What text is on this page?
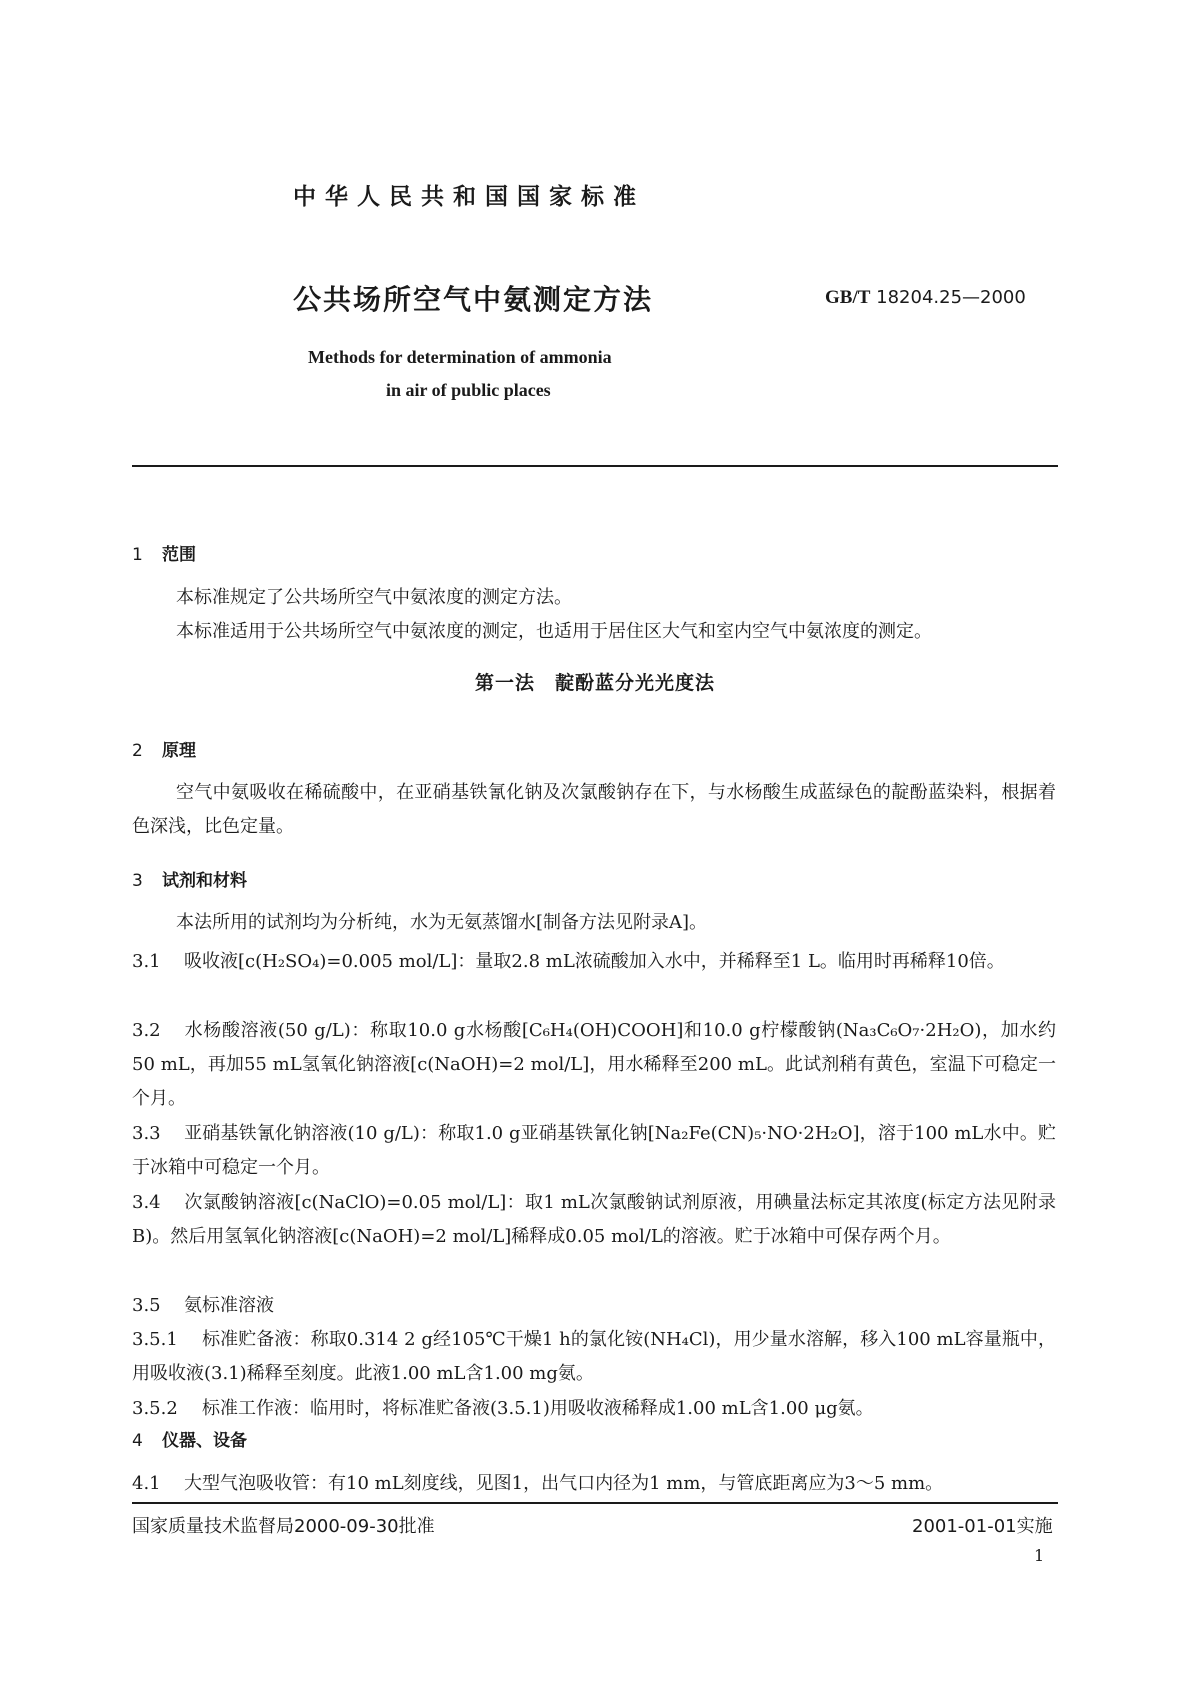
中华人民共和国国家标准
公共场所空气中氨测定方法	GB/T 18204.25—2000
Methods for determination of ammonia
in air of public places
1 范围
本标准规定了公共场所空气中氨浓度的测定方法。
本标准适用于公共场所空气中氨浓度的测定，也适用于居住区大气和室内空气中氨浓度的测定。
第一法　靛酚蓝分光光度法
2 原理
空气中氨吸收在稀硫酸中，在亚硝基铁氰化钠及次氯酸钠存在下，与水杨酸生成蓝绿色的靛酚蓝染料，根据着色深浅，比色定量。
3 试剂和材料
本法所用的试剂均为分析纯，水为无氨蒸馏水[制备方法见附录A]。
3.1 吸收液[c(H₂SO₄)=0.005 mol/L]：量取2.8 mL浓硫酸加入水中，并稀释至1 L。临用时再稀释10倍。
3.2 水杨酸溶液(50 g/L)：称取10.0 g水杨酸[C₆H₄(OH)COOH]和10.0 g柠檬酸钠(Na₃C₆O₇·2H₂O)，加水约50 mL，再加55 mL氢氧化钠溶液[c(NaOH)=2 mol/L]，用水稀释至200 mL。此试剂稍有黄色，室温下可稳定一个月。
3.3 亚硝基铁氰化钠溶液(10 g/L)：称取1.0 g亚硝基铁氰化钠[Na₂Fe(CN)₅·NO·2H₂O]，溶于100 mL水中。贮于冰箱中可稳定一个月。
3.4 次氯酸钠溶液[c(NaClO)=0.05 mol/L]：取1 mL次氯酸钠试剂原液，用碘量法标定其浓度(标定方法见附录B)。然后用氢氧化钠溶液[c(NaOH)=2 mol/L]稀释成0.05 mol/L的溶液。贮于冰箱中可保存两个月。
3.5 氨标准溶液
3.5.1 标准贮备液：称取0.314 2 g经105℃干燥1 h的氯化铵(NH₄Cl)，用少量水溶解，移入100 mL容量瓶中，用吸收液(3.1)稀释至刻度。此液1.00 mL含1.00 mg氨。
3.5.2 标准工作液：临用时，将标准贮备液(3.5.1)用吸收液稀释成1.00 mL含1.00 μg氨。
4 仪器、设备
4.1 大型气泡吸收管：有10 mL刻度线，见图1，出气口内径为1 mm，与管底距离应为3～5 mm。
国家质量技术监督局2000-09-30批准	2001-01-01实施
1
